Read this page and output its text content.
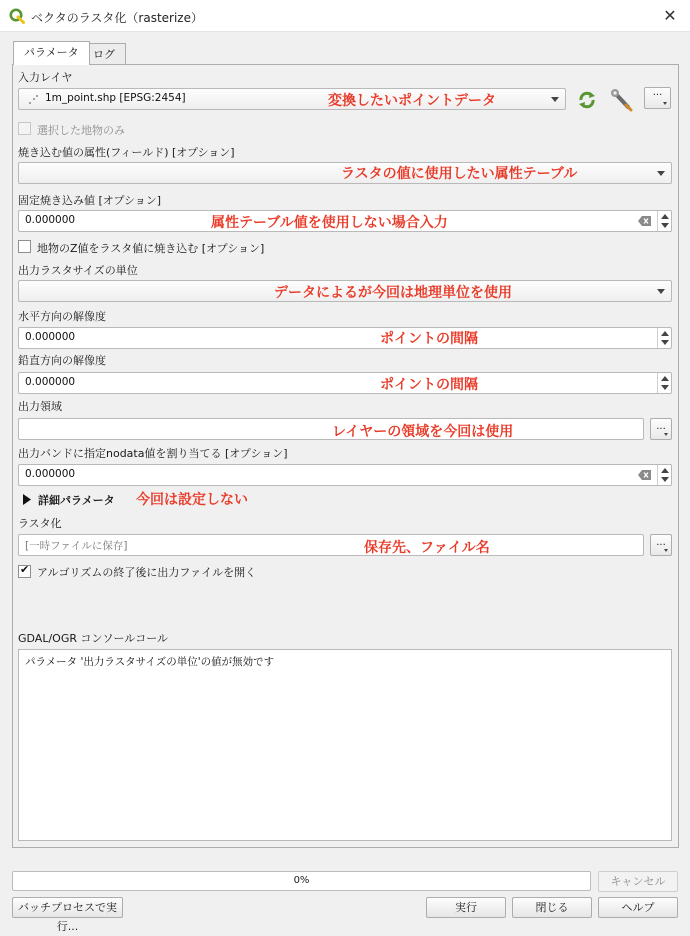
ベクタのラスタ化（rasterize）	✕
パラメータ	ログ
入力レイヤ
1m_point.shp [EPSG:2454]	変換したいポイントデータ	···
選択した地物のみ
焼き込む値の属性(フィールド) [オプション]
ラスタの値に使用したい属性テーブル
固定焼き込み値 [オプション]
0.000000	属性テーブル値を使用しない場合入力
地物のZ値をラスタ値に焼き込む [オプション]
出力ラスタサイズの単位
データによるが今回は地理単位を使用
水平方向の解像度
0.000000	ポイントの間隔
鉛直方向の解像度
0.000000	ポイントの間隔
出力領域
レイヤーの領域を今回は使用	...
出力バンドに指定nodata値を割り当てる [オプション]
0.000000
詳細パラメータ 今回は設定しない
ラスタ化
[一時ファイルに保存]	保存先、ファイル名	...
✔
アルゴリズムの終了後に出力ファイルを開く
GDAL/OGR コンソールコール
パラメータ '出力ラスタサイズの単位'の値が無効です
0%	キャンセル
バッチプロセスで実行...
実行	閉じる	ヘルプ
